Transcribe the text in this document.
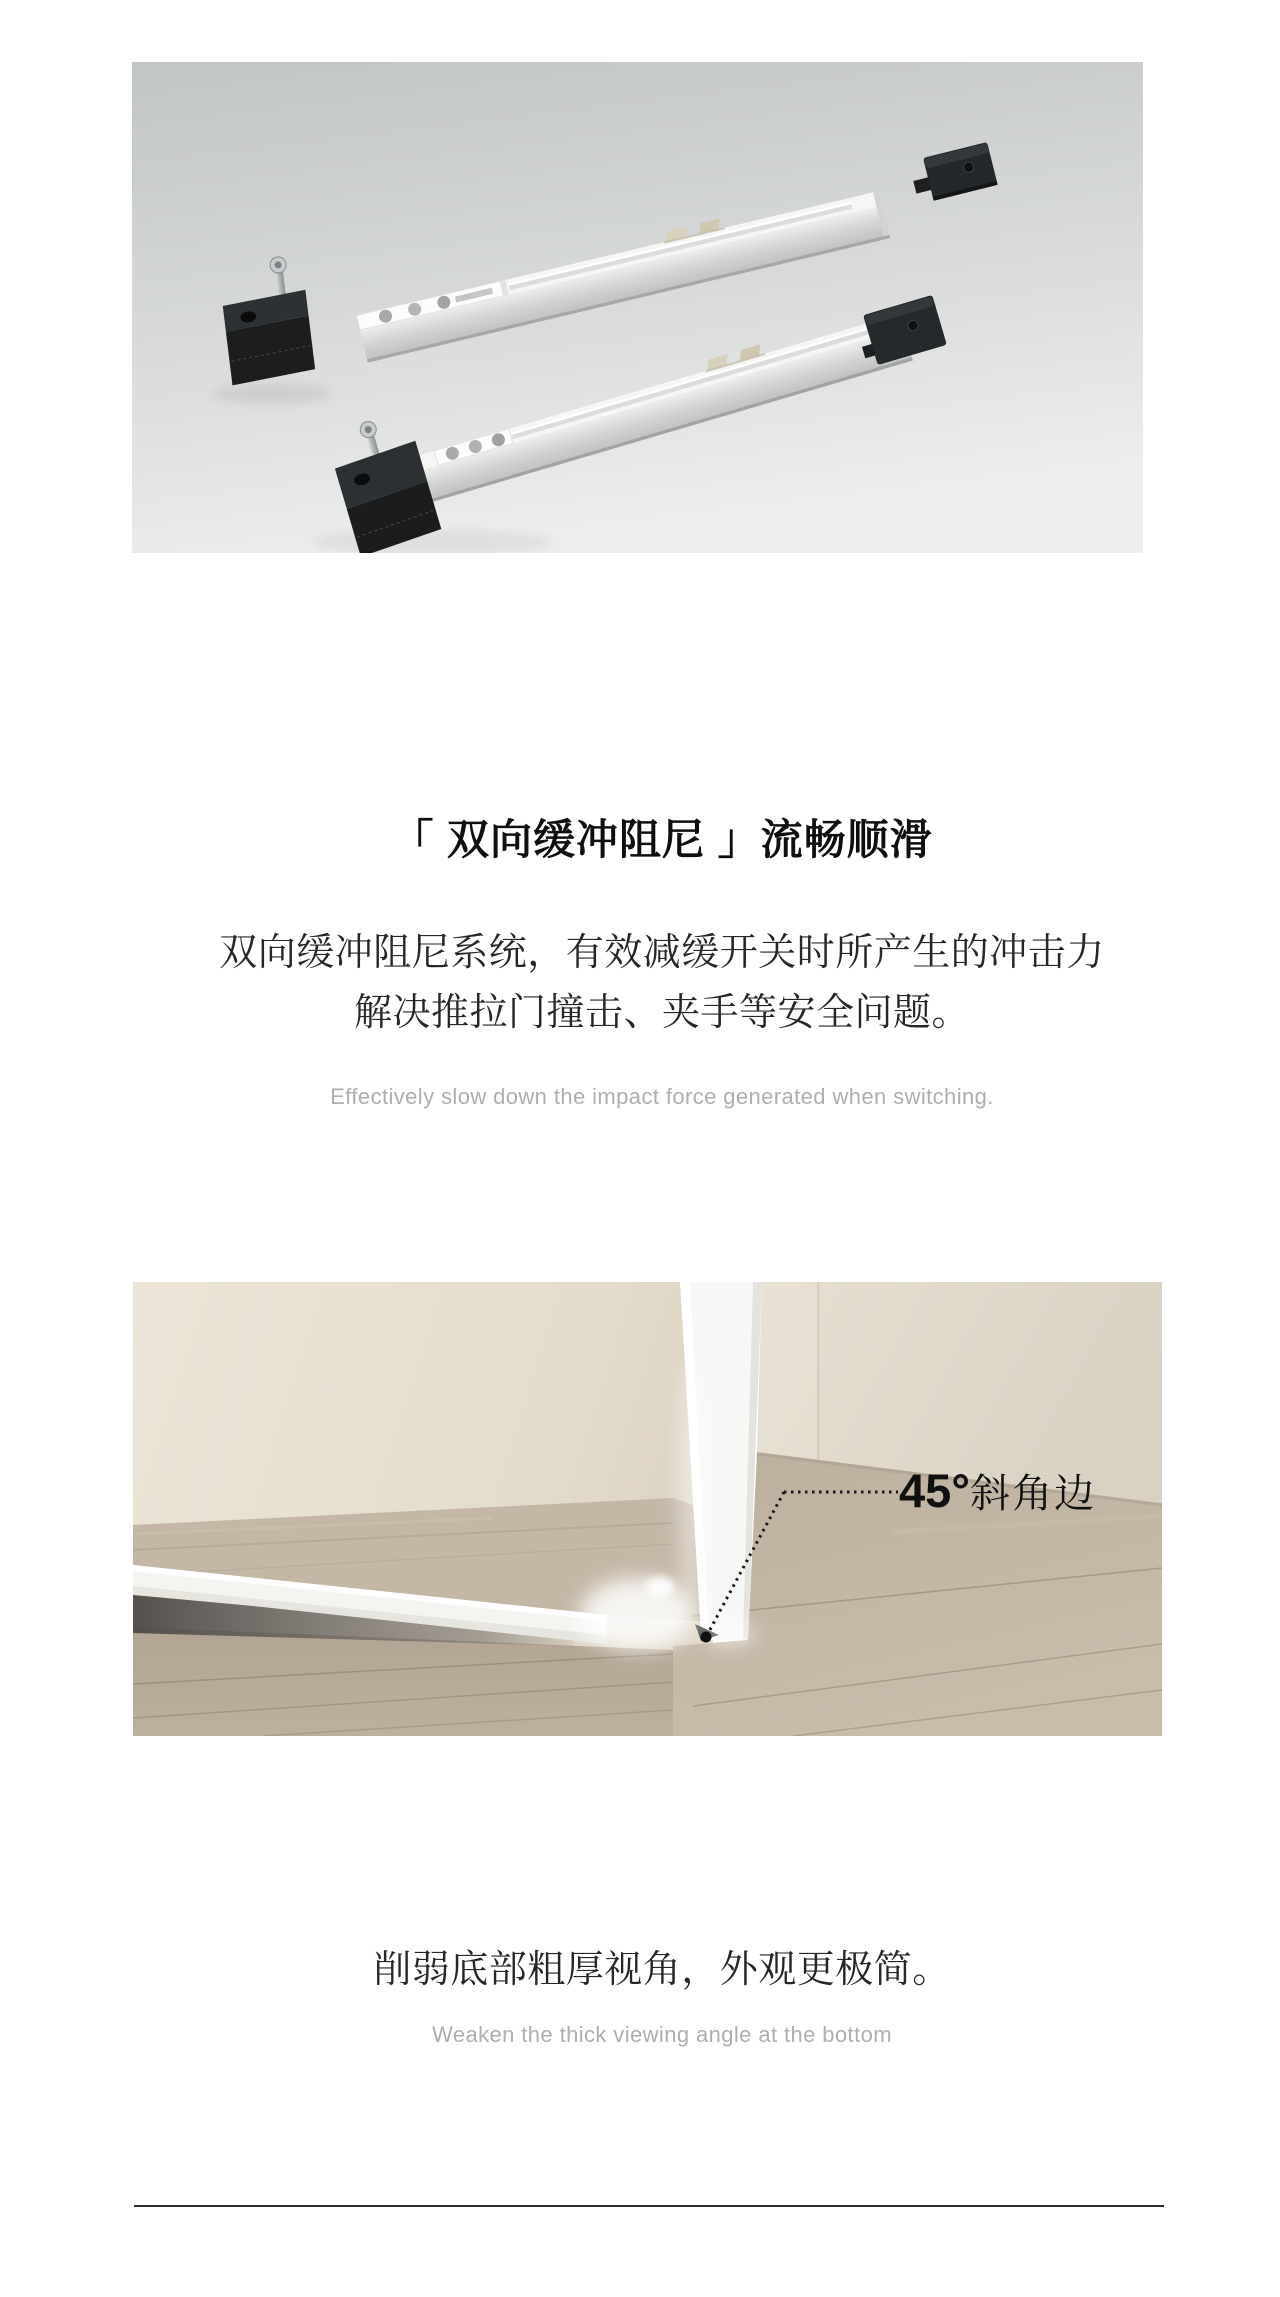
「 双向缓冲阻尼 」流畅顺滑

双向缓冲阻尼系统，有效减缓开关时所产生的冲击力
解决推拉门撞击、夹手等安全问题。

Effectively slow down the impact force generated when switching.

45°斜角边

削弱底部粗厚视角，外观更极简。

Weaken the thick viewing angle at the bottom
